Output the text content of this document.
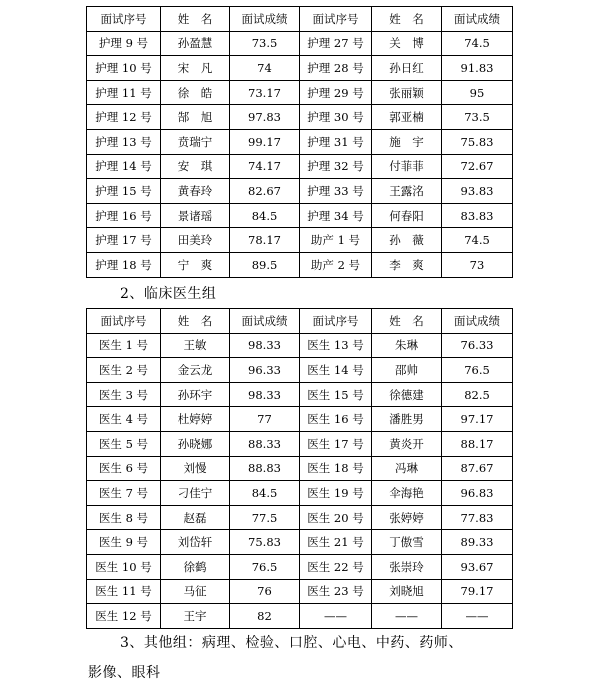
面试序号	姓　名	面试成绩	面试序号	姓　名	面试成绩
护理 9 号	孙盈慧	73.5	护理 27 号	关　博	74.5
护理 10 号	宋　凡	74	护理 28 号	孙日红	91.83
护理 11 号	徐　皓	73.17	护理 29 号	张丽颖	95
护理 12 号	郜　旭	97.83	护理 30 号	郭亚楠	73.5
护理 13 号	贲瑞宁	99.17	护理 31 号	施　宇	75.83
护理 14 号	安　琪	74.17	护理 32 号	付菲菲	72.67
护理 15 号	黄春玲	82.67	护理 33 号	王露洺	93.83
护理 16 号	景诸瑶	84.5	护理 34 号	何春阳	83.83
护理 17 号	田美玲	78.17	助产 1 号	孙　薇	74.5
护理 18 号	宁　爽	89.5	助产 2 号	李　爽	73
2、临床医生组
面试序号	姓　名	面试成绩	面试序号	姓　名	面试成绩
医生 1 号	王敏	98.33	医生 13 号	朱琳	76.33
医生 2 号	金云龙	96.33	医生 14 号	邵帅	76.5
医生 3 号	孙环宇	98.33	医生 15 号	徐德建	82.5
医生 4 号	杜婷婷	77	医生 16 号	潘胜男	97.17
医生 5 号	孙晓娜	88.33	医生 17 号	黄炎开	88.17
医生 6 号	刘慢	88.83	医生 18 号	冯琳	87.67
医生 7 号	刁佳宁	84.5	医生 19 号	伞海艳	96.83
医生 8 号	赵磊	77.5	医生 20 号	张婷婷	77.83
医生 9 号	刘岱轩	75.83	医生 21 号	丁傲雪	89.33
医生 10 号	徐鹤	76.5	医生 22 号	张崇玲	93.67
医生 11 号	马征	76	医生 23 号	刘晓旭	79.17
医生 12 号	王宇	82	——	——	——
3、其他组：病理、检验、口腔、心电、中药、药师、
影像、眼科
